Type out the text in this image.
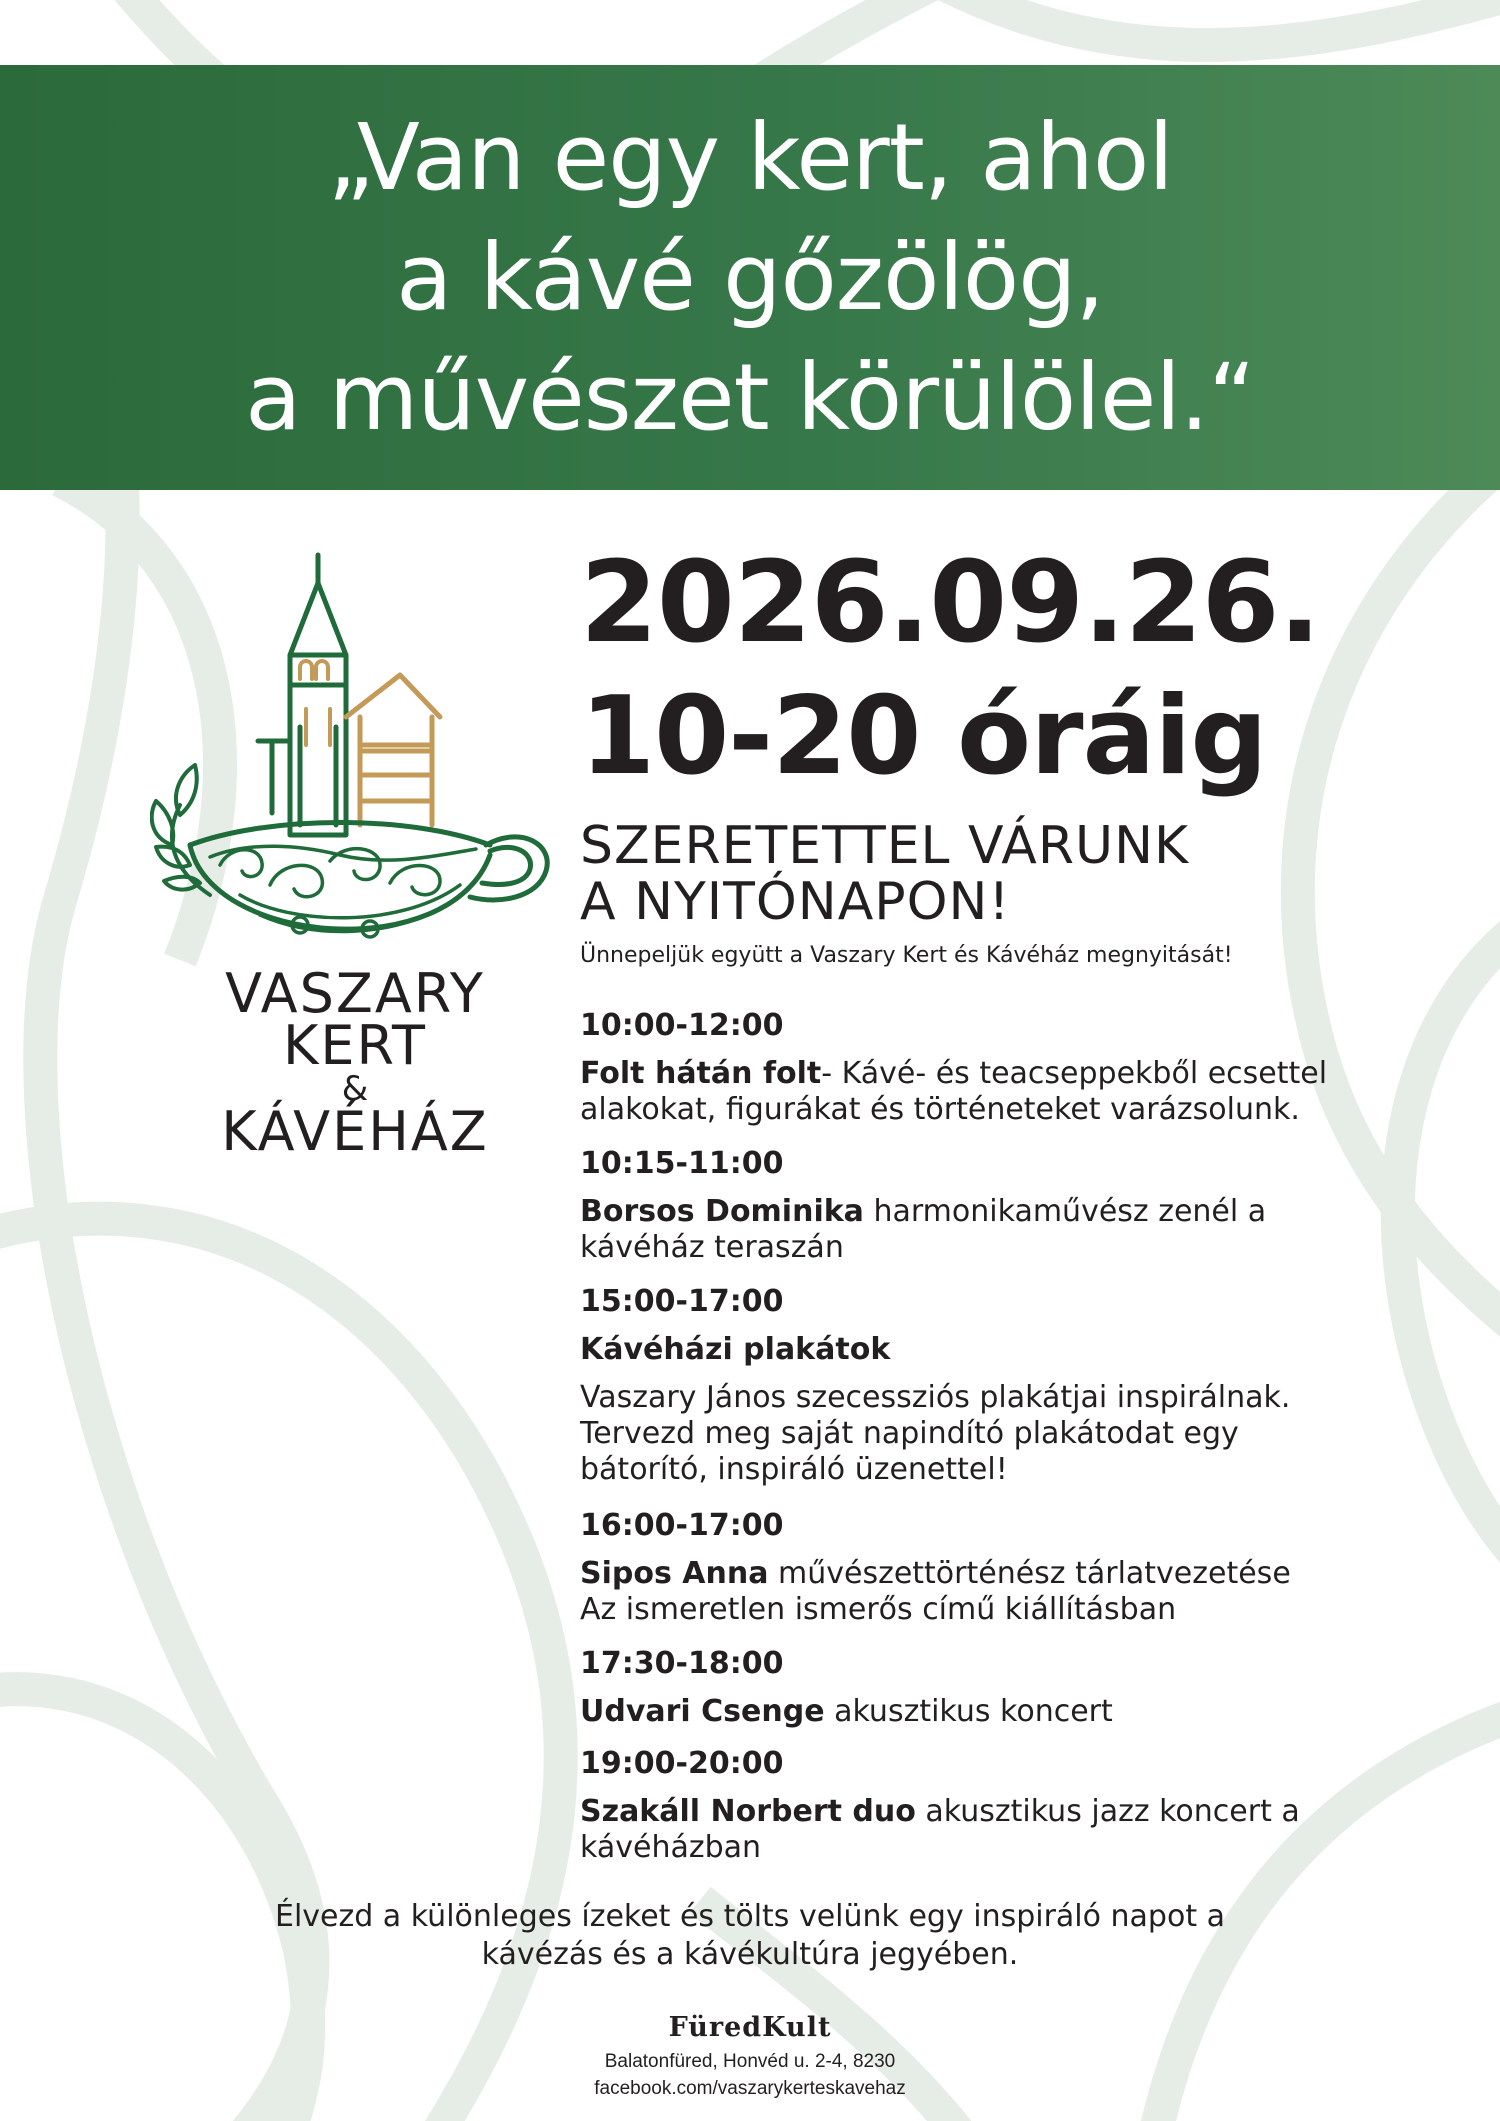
„Van egy kert, ahol
a kávé gőzölög,
a művészet körülölel.“
VASZARY
KERT
&
KÁVÉHÁZ
2026.09.26.
10-20 óráig
SZERETETTEL VÁRUNK
A NYITÓNAPON!
Ünnepeljük együtt a Vaszary Kert és Kávéház megnyitását!
10:00-12:00
Folt hátán folt- Kávé- és teacseppekből ecsettel
alakokat, figurákat és történeteket varázsolunk.
10:15-11:00
Borsos Dominika harmonikaművész zenél a
kávéház teraszán
15:00-17:00
Kávéházi plakátok
Vaszary János szecessziós plakátjai inspirálnak.
Tervezd meg saját napindító plakátodat egy
bátorító, inspiráló üzenettel!
16:00-17:00
Sipos Anna művészettörténész tárlatvezetése
Az ismeretlen ismerős című kiállításban
17:30-18:00
Udvari Csenge akusztikus koncert
19:00-20:00
Szakáll Norbert duo akusztikus jazz koncert a
kávéházban
Élvezd a különleges ízeket és tölts velünk egy inspiráló napot a
kávézás és a kávékultúra jegyében.
FüredKult
Balatonfüred, Honvéd u. 2-4, 8230
facebook.com/vaszarykerteskavehaz
